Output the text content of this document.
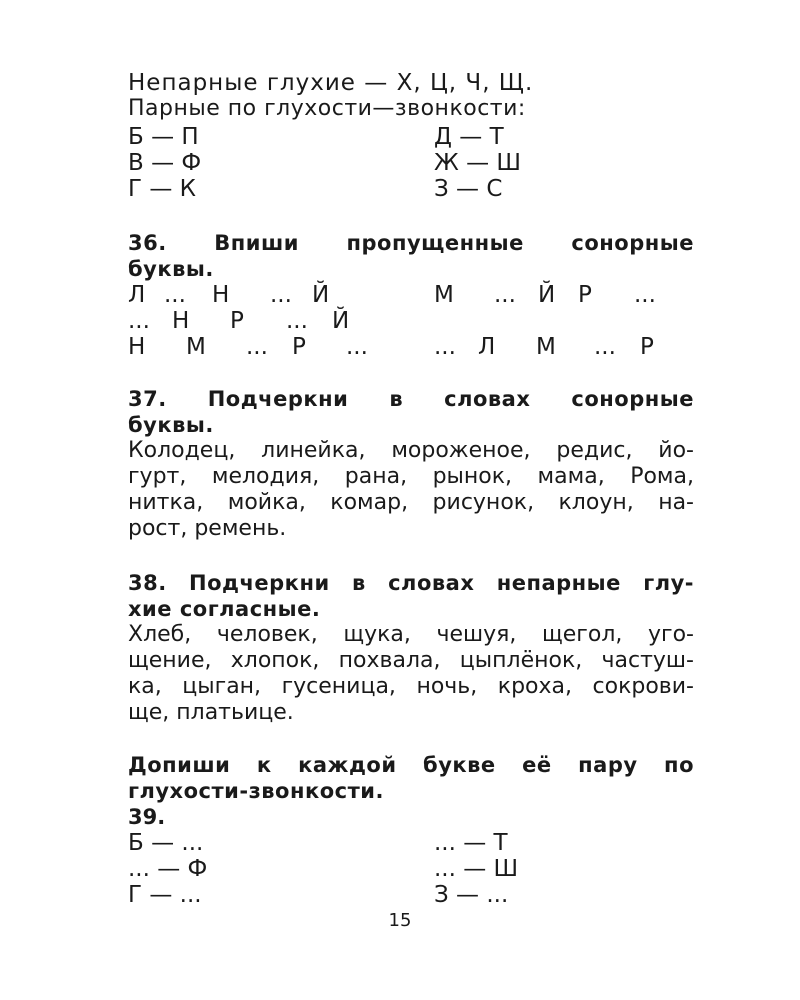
Непарные глухие — Х, Ц, Ч, Щ.
Парные по глухости—звонкости:
Б — П
В — Ф
Г — К
Д — Т
Ж — Ш
З — С
36. Впиши пропущенные сонорные
буквы.
Л ... Н ... Й	М ... Й Р ...
... Н Р ... Й
Н М ... Р ...	... Л М ... Р
37. Подчеркни в словах сонорные
буквы.
Колодец, линейка, мороженое, редис, йо-
гурт, мелодия, рана, рынок, мама, Рома,
нитка, мойка, комар, рисунок, клоун, на-
рост, ремень.
38. Подчеркни в словах непарные глу-
хие согласные.
Хлеб, человек, щука, чешуя, щегол, уго-
щение, хлопок, похвала, цыплёнок, частуш-
ка, цыган, гусеница, ночь, кроха, сокрови-
ще, платьице.
Допиши к каждой букве её пару по
глухости-звонкости.
39.
Б — ...
... — Ф
Г — ...
... — Т
... — Ш
З — ...
15
